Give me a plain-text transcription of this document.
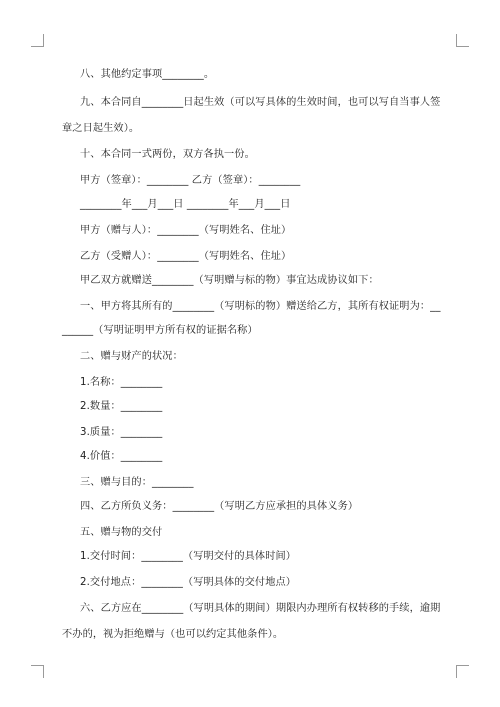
八、其他约定事项________。
九、本合同自________日起生效（可以写具体的生效时间，也可以写自当事人签
章之日起生效）。
十、本合同一式两份，双方各执一份。
甲方（签章）：________ 乙方（签章）：________
________年___月___日 ________年___月___日
甲方（赠与人）：________（写明姓名、住址）
乙方（受赠人）：________（写明姓名、住址）
甲乙双方就赠送________（写明赠与标的物）事宜达成协议如下：
一、甲方将其所有的________（写明标的物）赠送给乙方，其所有权证明为：__
______（写明证明甲方所有权的证据名称）
二、赠与财产的状况：
1.名称：________
2.数量：________
3.质量：________
4.价值：________
三、赠与目的：________
四、乙方所负义务：________（写明乙方应承担的具体义务）
五、赠与物的交付
1.交付时间：________（写明交付的具体时间）
2.交付地点：________（写明具体的交付地点）
六、乙方应在________（写明具体的期间）期限内办理所有权转移的手续，逾期
不办的，视为拒绝赠与（也可以约定其他条件）。
